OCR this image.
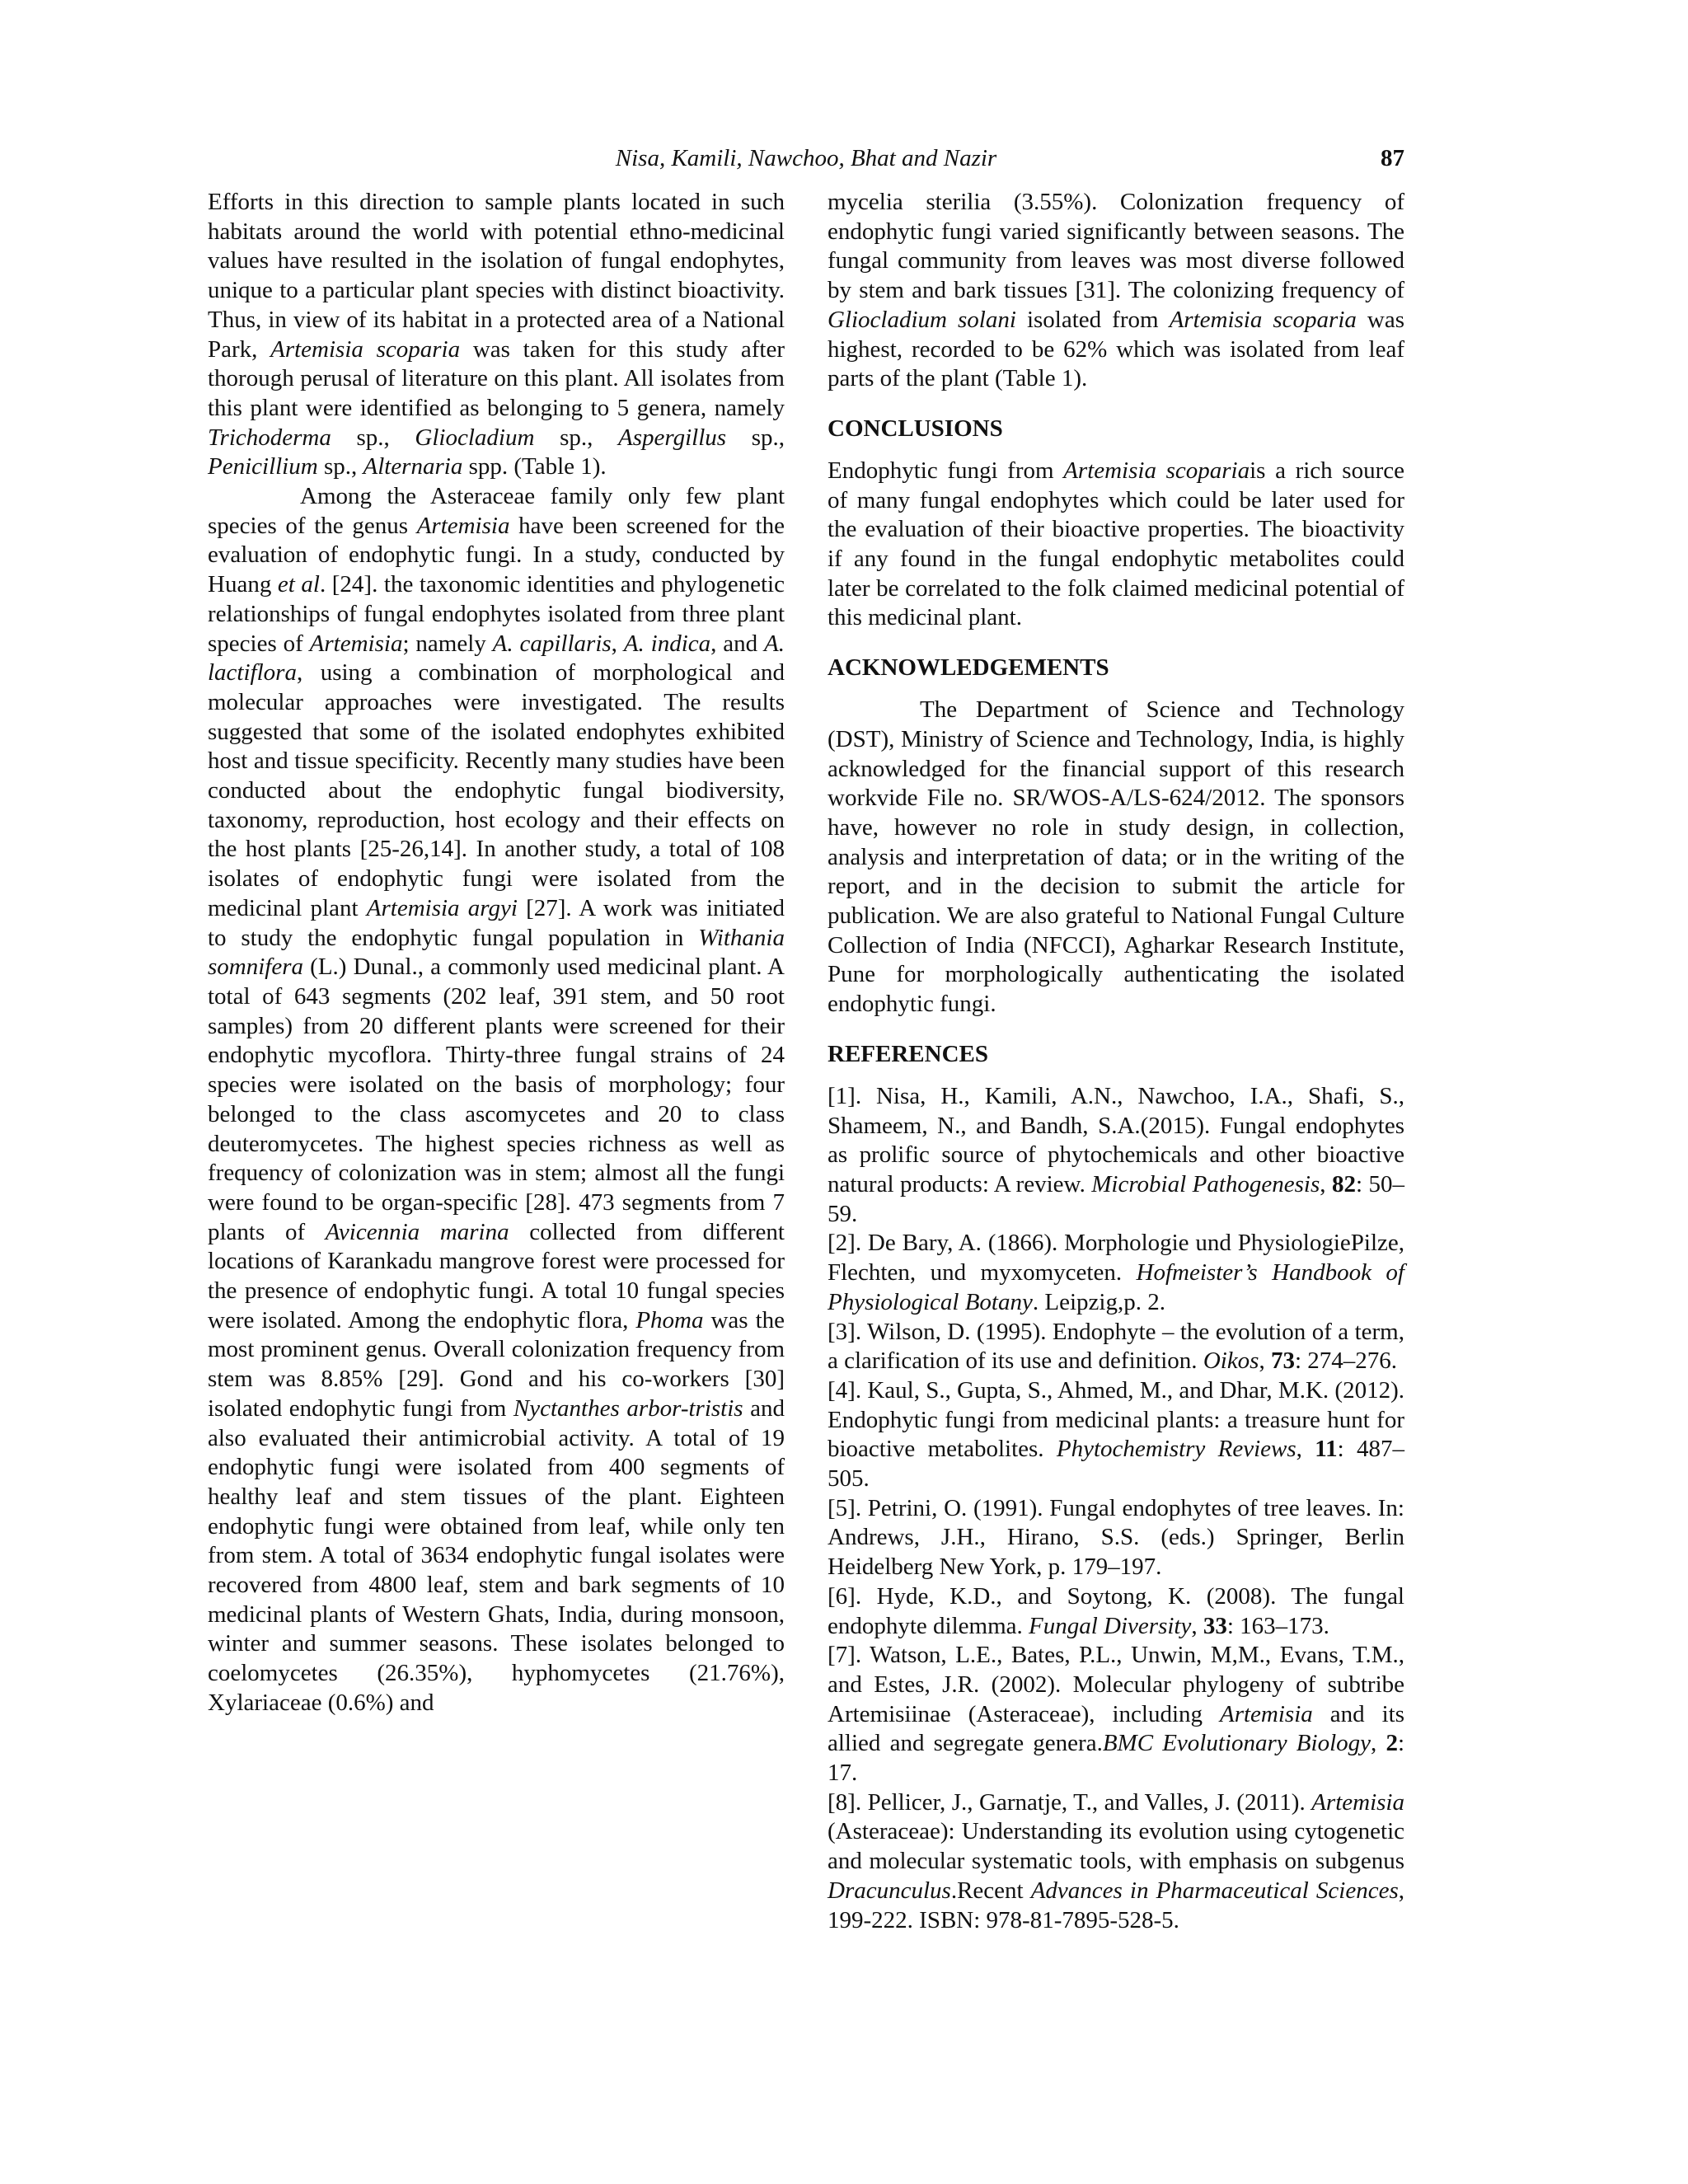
Nisa, Kamili, Nawchoo, Bhat and Nazir	87

Efforts in this direction to sample plants located in such habitats around the world with potential ethno-medicinal values have resulted in the isolation of fungal endophytes, unique to a particular plant species with distinct bioactivity. Thus, in view of its habitat in a protected area of a National Park, Artemisia scoparia was taken for this study after thorough perusal of literature on this plant. All isolates from this plant were identified as belonging to 5 genera, namely Trichoderma sp., Gliocladium sp., Aspergillus sp., Penicillium sp., Alternaria spp. (Table 1).

Among the Asteraceae family only few plant species of the genus Artemisia have been screened for the evaluation of endophytic fungi. In a study, conducted by Huang et al. [24]. the taxonomic identities and phylogenetic relationships of fungal endophytes isolated from three plant species of Artemisia; namely A. capillaris, A. indica, and A. lactiflora, using a combination of morphological and molecular approaches were investigated. The results suggested that some of the isolated endophytes exhibited host and tissue specificity. Recently many studies have been conducted about the endophytic fungal biodiversity, taxonomy, reproduction, host ecology and their effects on the host plants [25-26,14]. In another study, a total of 108 isolates of endophytic fungi were isolated from the medicinal plant Artemisia argyi [27]. A work was initiated to study the endophytic fungal population in Withania somnifera (L.) Dunal., a commonly used medicinal plant. A total of 643 segments (202 leaf, 391 stem, and 50 root samples) from 20 different plants were screened for their endophytic mycoflora. Thirty-three fungal strains of 24 species were isolated on the basis of morphology; four belonged to the class ascomycetes and 20 to class deuteromycetes. The highest species richness as well as frequency of colonization was in stem; almost all the fungi were found to be organ-specific [28]. 473 segments from 7 plants of Avicennia marina collected from different locations of Karankadu mangrove forest were processed for the presence of endophytic fungi. A total 10 fungal species were isolated. Among the endophytic flora, Phoma was the most prominent genus. Overall colonization frequency from stem was 8.85% [29]. Gond and his co-workers [30] isolated endophytic fungi from Nyctanthes arbor-tristis and also evaluated their antimicrobial activity. A total of 19 endophytic fungi were isolated from 400 segments of healthy leaf and stem tissues of the plant. Eighteen endophytic fungi were obtained from leaf, while only ten from stem. A total of 3634 endophytic fungal isolates were recovered from 4800 leaf, stem and bark segments of 10 medicinal plants of Western Ghats, India, during monsoon, winter and summer seasons. These isolates belonged to coelomycetes (26.35%), hyphomycetes (21.76%), Xylariaceae (0.6%) and

mycelia sterilia (3.55%). Colonization frequency of endophytic fungi varied significantly between seasons. The fungal community from leaves was most diverse followed by stem and bark tissues [31]. The colonizing frequency of Gliocladium solani isolated from Artemisia scoparia was highest, recorded to be 62% which was isolated from leaf parts of the plant (Table 1).

CONCLUSIONS

Endophytic fungi from Artemisia scopariais a rich source of many fungal endophytes which could be later used for the evaluation of their bioactive properties. The bioactivity if any found in the fungal endophytic metabolites could later be correlated to the folk claimed medicinal potential of this medicinal plant.

ACKNOWLEDGEMENTS

The Department of Science and Technology (DST), Ministry of Science and Technology, India, is highly acknowledged for the financial support of this research workvide File no. SR/WOS-A/LS-624/2012. The sponsors have, however no role in study design, in collection, analysis and interpretation of data; or in the writing of the report, and in the decision to submit the article for publication. We are also grateful to National Fungal Culture Collection of India (NFCCI), Agharkar Research Institute, Pune for morphologically authenticating the isolated endophytic fungi.

REFERENCES

[1]. Nisa, H., Kamili, A.N., Nawchoo, I.A., Shafi, S., Shameem, N., and Bandh, S.A.(2015). Fungal endophytes as prolific source of phytochemicals and other bioactive natural products: A review. Microbial Pathogenesis, 82: 50–59.

[2]. De Bary, A. (1866). Morphologie und PhysiologiePilze, Flechten, und myxomyceten. Hofmeister’s Handbook of Physiological Botany. Leipzig,p. 2.

[3]. Wilson, D. (1995). Endophyte – the evolution of a term, a clarification of its use and definition. Oikos, 73: 274–276.

[4]. Kaul, S., Gupta, S., Ahmed, M., and Dhar, M.K. (2012). Endophytic fungi from medicinal plants: a treasure hunt for bioactive metabolites. Phytochemistry Reviews, 11: 487–505.

[5]. Petrini, O. (1991). Fungal endophytes of tree leaves. In: Andrews, J.H., Hirano, S.S. (eds.) Springer, Berlin Heidelberg New York, p. 179–197.

[6]. Hyde, K.D., and Soytong, K. (2008). The fungal endophyte dilemma. Fungal Diversity, 33: 163–173.

[7]. Watson, L.E., Bates, P.L., Unwin, M,M., Evans, T.M., and Estes, J.R. (2002). Molecular phylogeny of subtribe Artemisiinae (Asteraceae), including Artemisia and its allied and segregate genera.BMC Evolutionary Biology, 2: 17.

[8]. Pellicer, J., Garnatje, T., and Valles, J. (2011). Artemisia (Asteraceae): Understanding its evolution using cytogenetic and molecular systematic tools, with emphasis on subgenus Dracunculus.Recent Advances in Pharmaceutical Sciences, 199-222. ISBN: 978-81-7895-528-5.
